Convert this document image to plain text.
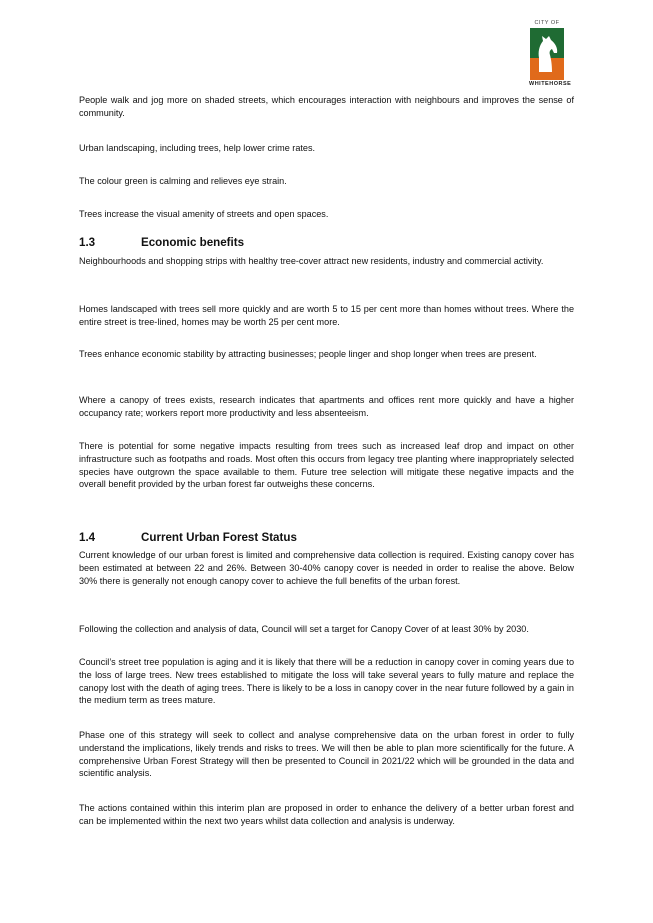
CITY OF
WHITEHORSE

People walk and jog more on shaded streets, which encourages interaction with neighbours and improves the sense of community.

Urban landscaping, including trees, help lower crime rates.

The colour green is calming and relieves eye strain.

Trees increase the visual amenity of streets and open spaces.

1.3	Economic benefits

Neighbourhoods and shopping strips with healthy tree-cover attract new residents, industry and commercial activity.

Homes landscaped with trees sell more quickly and are worth 5 to 15 per cent more than homes without trees. Where the entire street is tree-lined, homes may be worth 25 per cent more.

Trees enhance economic stability by attracting businesses; people linger and shop longer when trees are present.

Where a canopy of trees exists, research indicates that apartments and offices rent more quickly and have a higher occupancy rate; workers report more productivity and less absenteeism.

There is potential for some negative impacts resulting from trees such as increased leaf drop and impact on other infrastructure such as footpaths and roads. Most often this occurs from legacy tree planting where inappropriately selected species have outgrown the space available to them. Future tree selection will mitigate these negative impacts and the overall benefit provided by the urban forest far outweighs these concerns.

1.4	Current Urban Forest Status

Current knowledge of our urban forest is limited and comprehensive data collection is required. Existing canopy cover has been estimated at between 22 and 26%. Between 30-40% canopy cover is needed in order to realise the above. Below 30% there is generally not enough canopy cover to achieve the full benefits of the urban forest.

Following the collection and analysis of data, Council will set a target for Canopy Cover of at least 30% by 2030.

Council’s street tree population is aging and it is likely that there will be a reduction in canopy cover in coming years due to the loss of large trees. New trees established to mitigate the loss will take several years to fully mature and replace the canopy lost with the death of aging trees. There is likely to be a loss in canopy cover in the near future followed by a gain in the medium term as trees mature.

Phase one of this strategy will seek to collect and analyse comprehensive data on the urban forest in order to fully understand the implications, likely trends and risks to trees. We will then be able to plan more scientifically for the future. A comprehensive Urban Forest Strategy will then be presented to Council in 2021/22 which will be grounded in the data and scientific analysis.

The actions contained within this interim plan are proposed in order to enhance the delivery of a better urban forest and can be implemented within the next two years whilst data collection and analysis is underway.
